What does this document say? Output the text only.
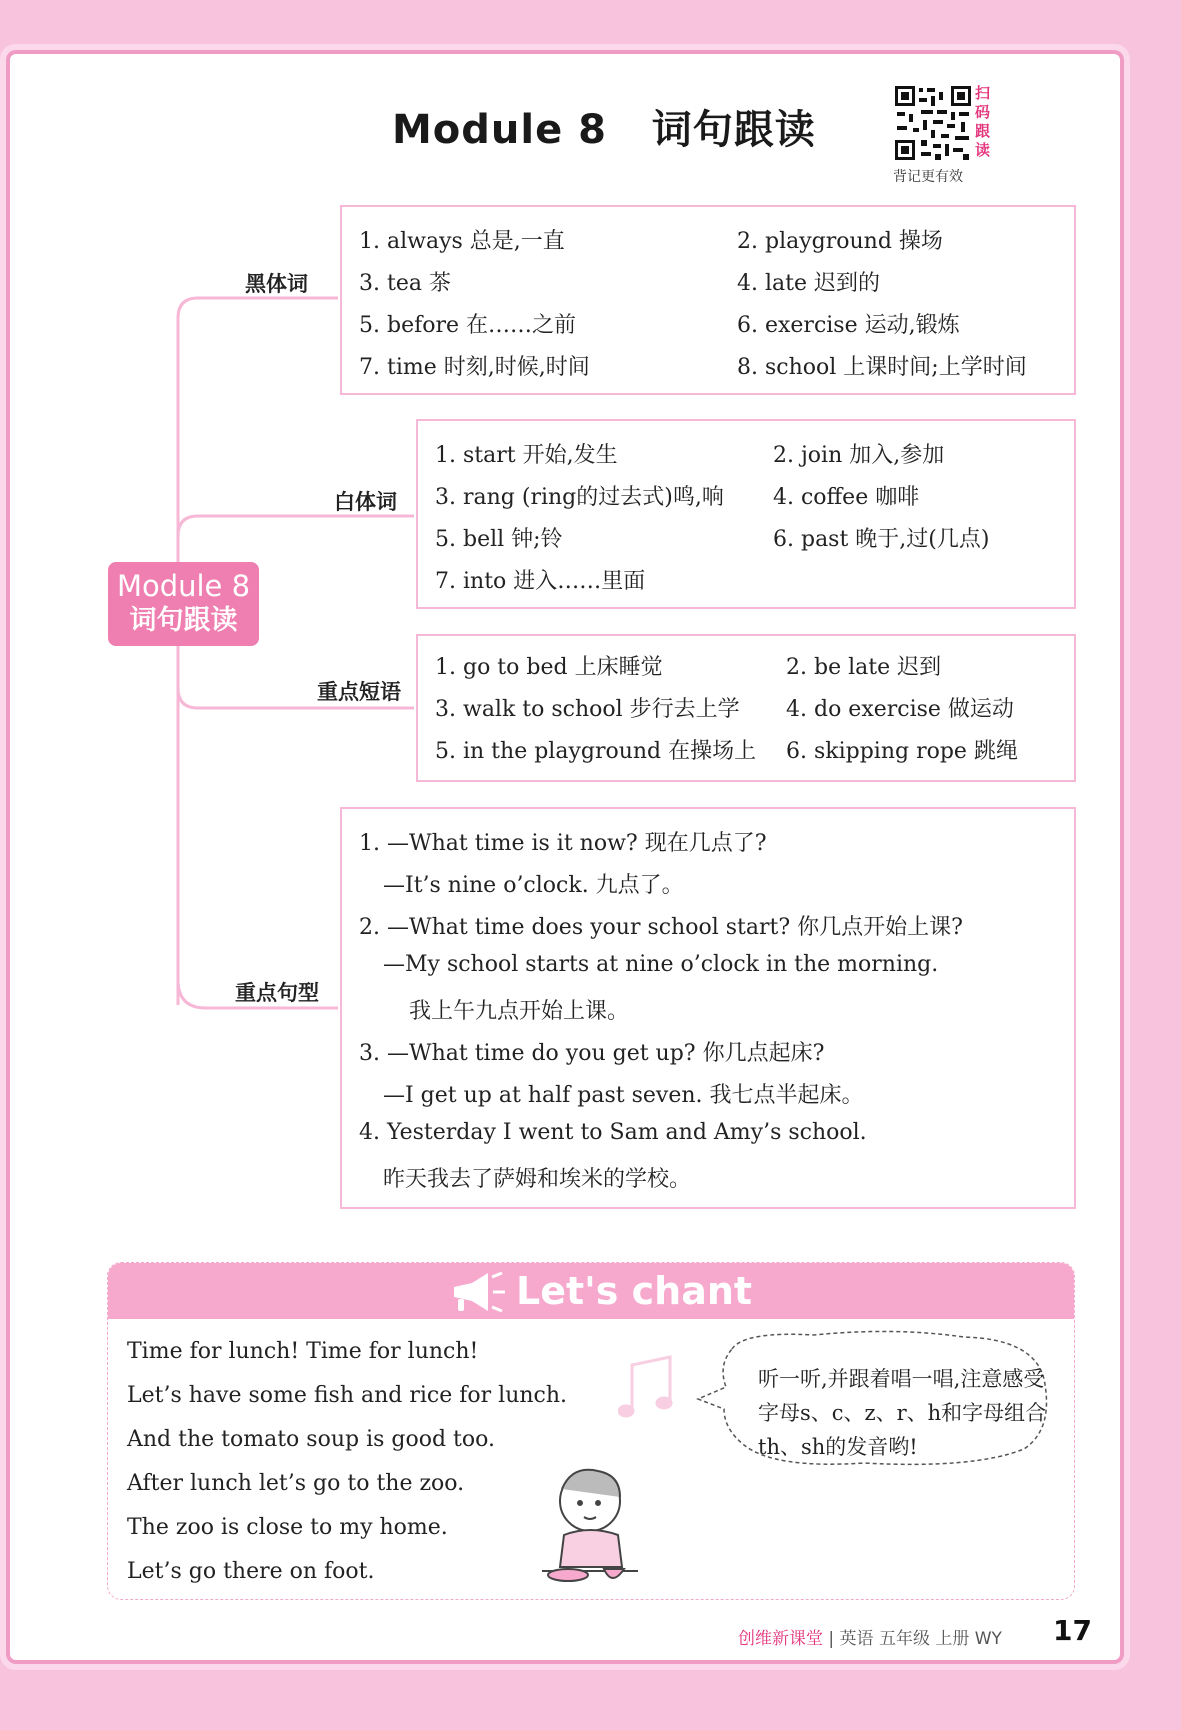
Module 8   词句跟读
扫码跟读
背记更有效
Module 8
词句跟读
黑体词
1. always 总是,一直	2. playground 操场
3. tea 茶	4. late 迟到的
5. before 在……之前	6. exercise 运动,锻炼
7. time 时刻,时候,时间	8. school 上课时间;上学时间
白体词
1. start 开始,发生	2. join 加入,参加
3. rang (ring的过去式)鸣,响 4. coffee 咖啡
5. bell 钟;铃	6. past 晚于,过(几点)
7. into 进入……里面
重点短语
1. go to bed 上床睡觉	2. be late 迟到
3. walk to school 步行去上学 4. do exercise 做运动
5. in the playground 在操场上 6. skipping rope 跳绳
重点句型
1. —What time is it now? 现在几点了?
—It’s nine o’clock. 九点了。
2. —What time does your school start? 你几点开始上课?
—My school starts at nine o’clock in the morning.
我上午九点开始上课。
3. —What time do you get up? 你几点起床?
—I get up at half past seven. 我七点半起床。
4. Yesterday I went to Sam and Amy’s school.
昨天我去了萨姆和埃米的学校。
Let's chant
Time for lunch! Time for lunch!
Let’s have some fish and rice for lunch.
And the tomato soup is good too.
After lunch let’s go to the zoo.
The zoo is close to my home.
Let’s go there on foot.
听一听,并跟着唱一唱,注意感受字母s、c、z、r、h和字母组合th、sh的发音哟!
创维新课堂 | 英语 五年级 上册 WY 17
